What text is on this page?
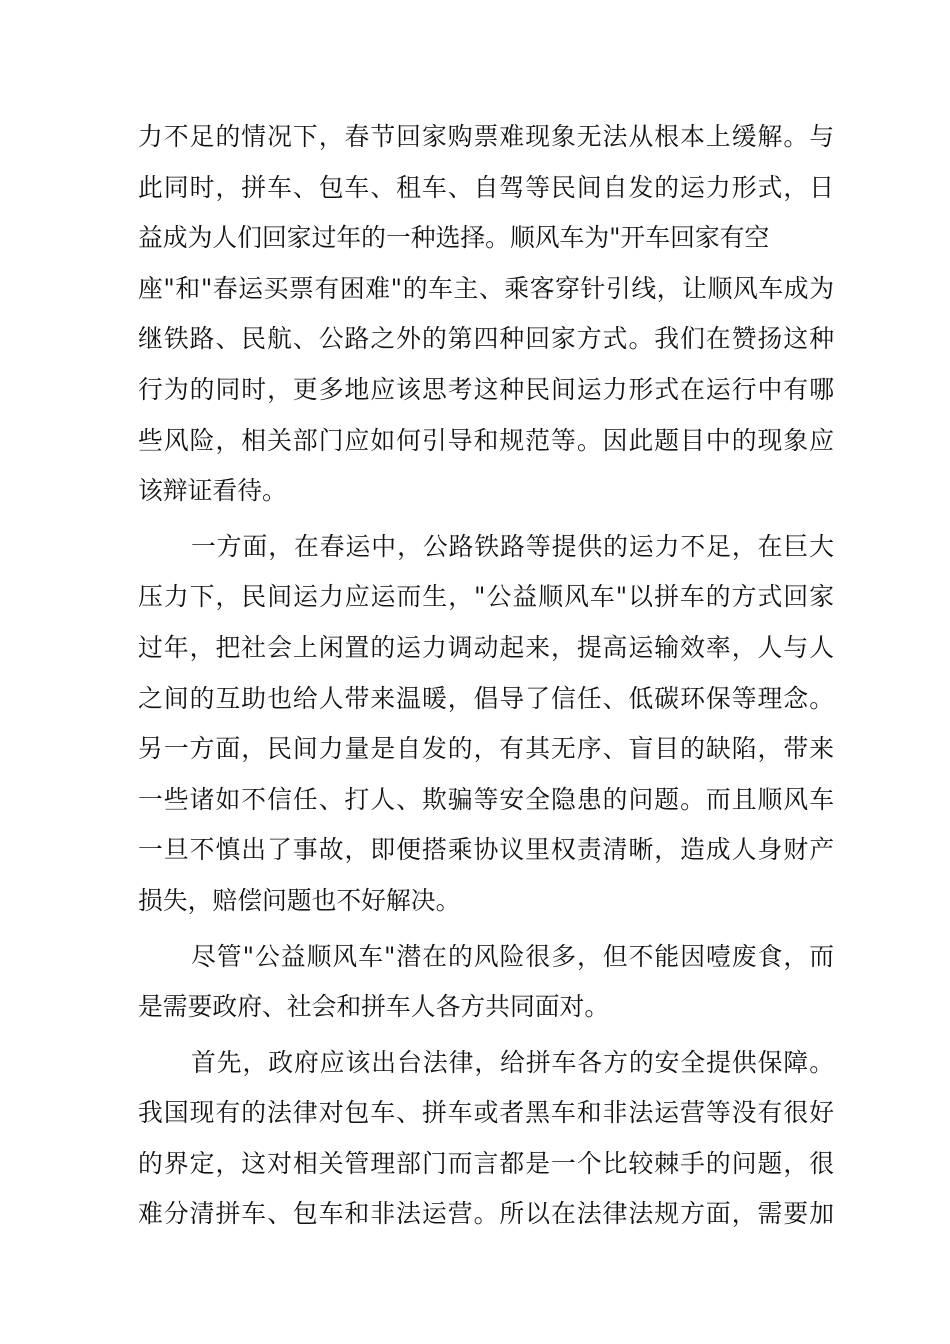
力不足的情况下，春节回家购票难现象无法从根本上缓解。与
此同时，拼车、包车、租车、自驾等民间自发的运力形式，日
益成为人们回家过年的一种选择。顺风车为"开车回家有空
座"和"春运买票有困难"的车主、乘客穿针引线，让顺风车成为
继铁路、民航、公路之外的第四种回家方式。我们在赞扬这种
行为的同时，更多地应该思考这种民间运力形式在运行中有哪
些风险，相关部门应如何引导和规范等。因此题目中的现象应
该辩证看待。
一方面，在春运中，公路铁路等提供的运力不足，在巨大
压力下，民间运力应运而生，"公益顺风车"以拼车的方式回家
过年，把社会上闲置的运力调动起来，提高运输效率，人与人
之间的互助也给人带来温暖，倡导了信任、低碳环保等理念。
另一方面，民间力量是自发的，有其无序、盲目的缺陷，带来
一些诸如不信任、打人、欺骗等安全隐患的问题。而且顺风车
一旦不慎出了事故，即便搭乘协议里权责清晰，造成人身财产
损失，赔偿问题也不好解决。
尽管"公益顺风车"潜在的风险很多，但不能因噎废食，而
是需要政府、社会和拼车人各方共同面对。
首先，政府应该出台法律，给拼车各方的安全提供保障。
我国现有的法律对包车、拼车或者黑车和非法运营等没有很好
的界定，这对相关管理部门而言都是一个比较棘手的问题，很
难分清拼车、包车和非法运营。所以在法律法规方面，需要加
